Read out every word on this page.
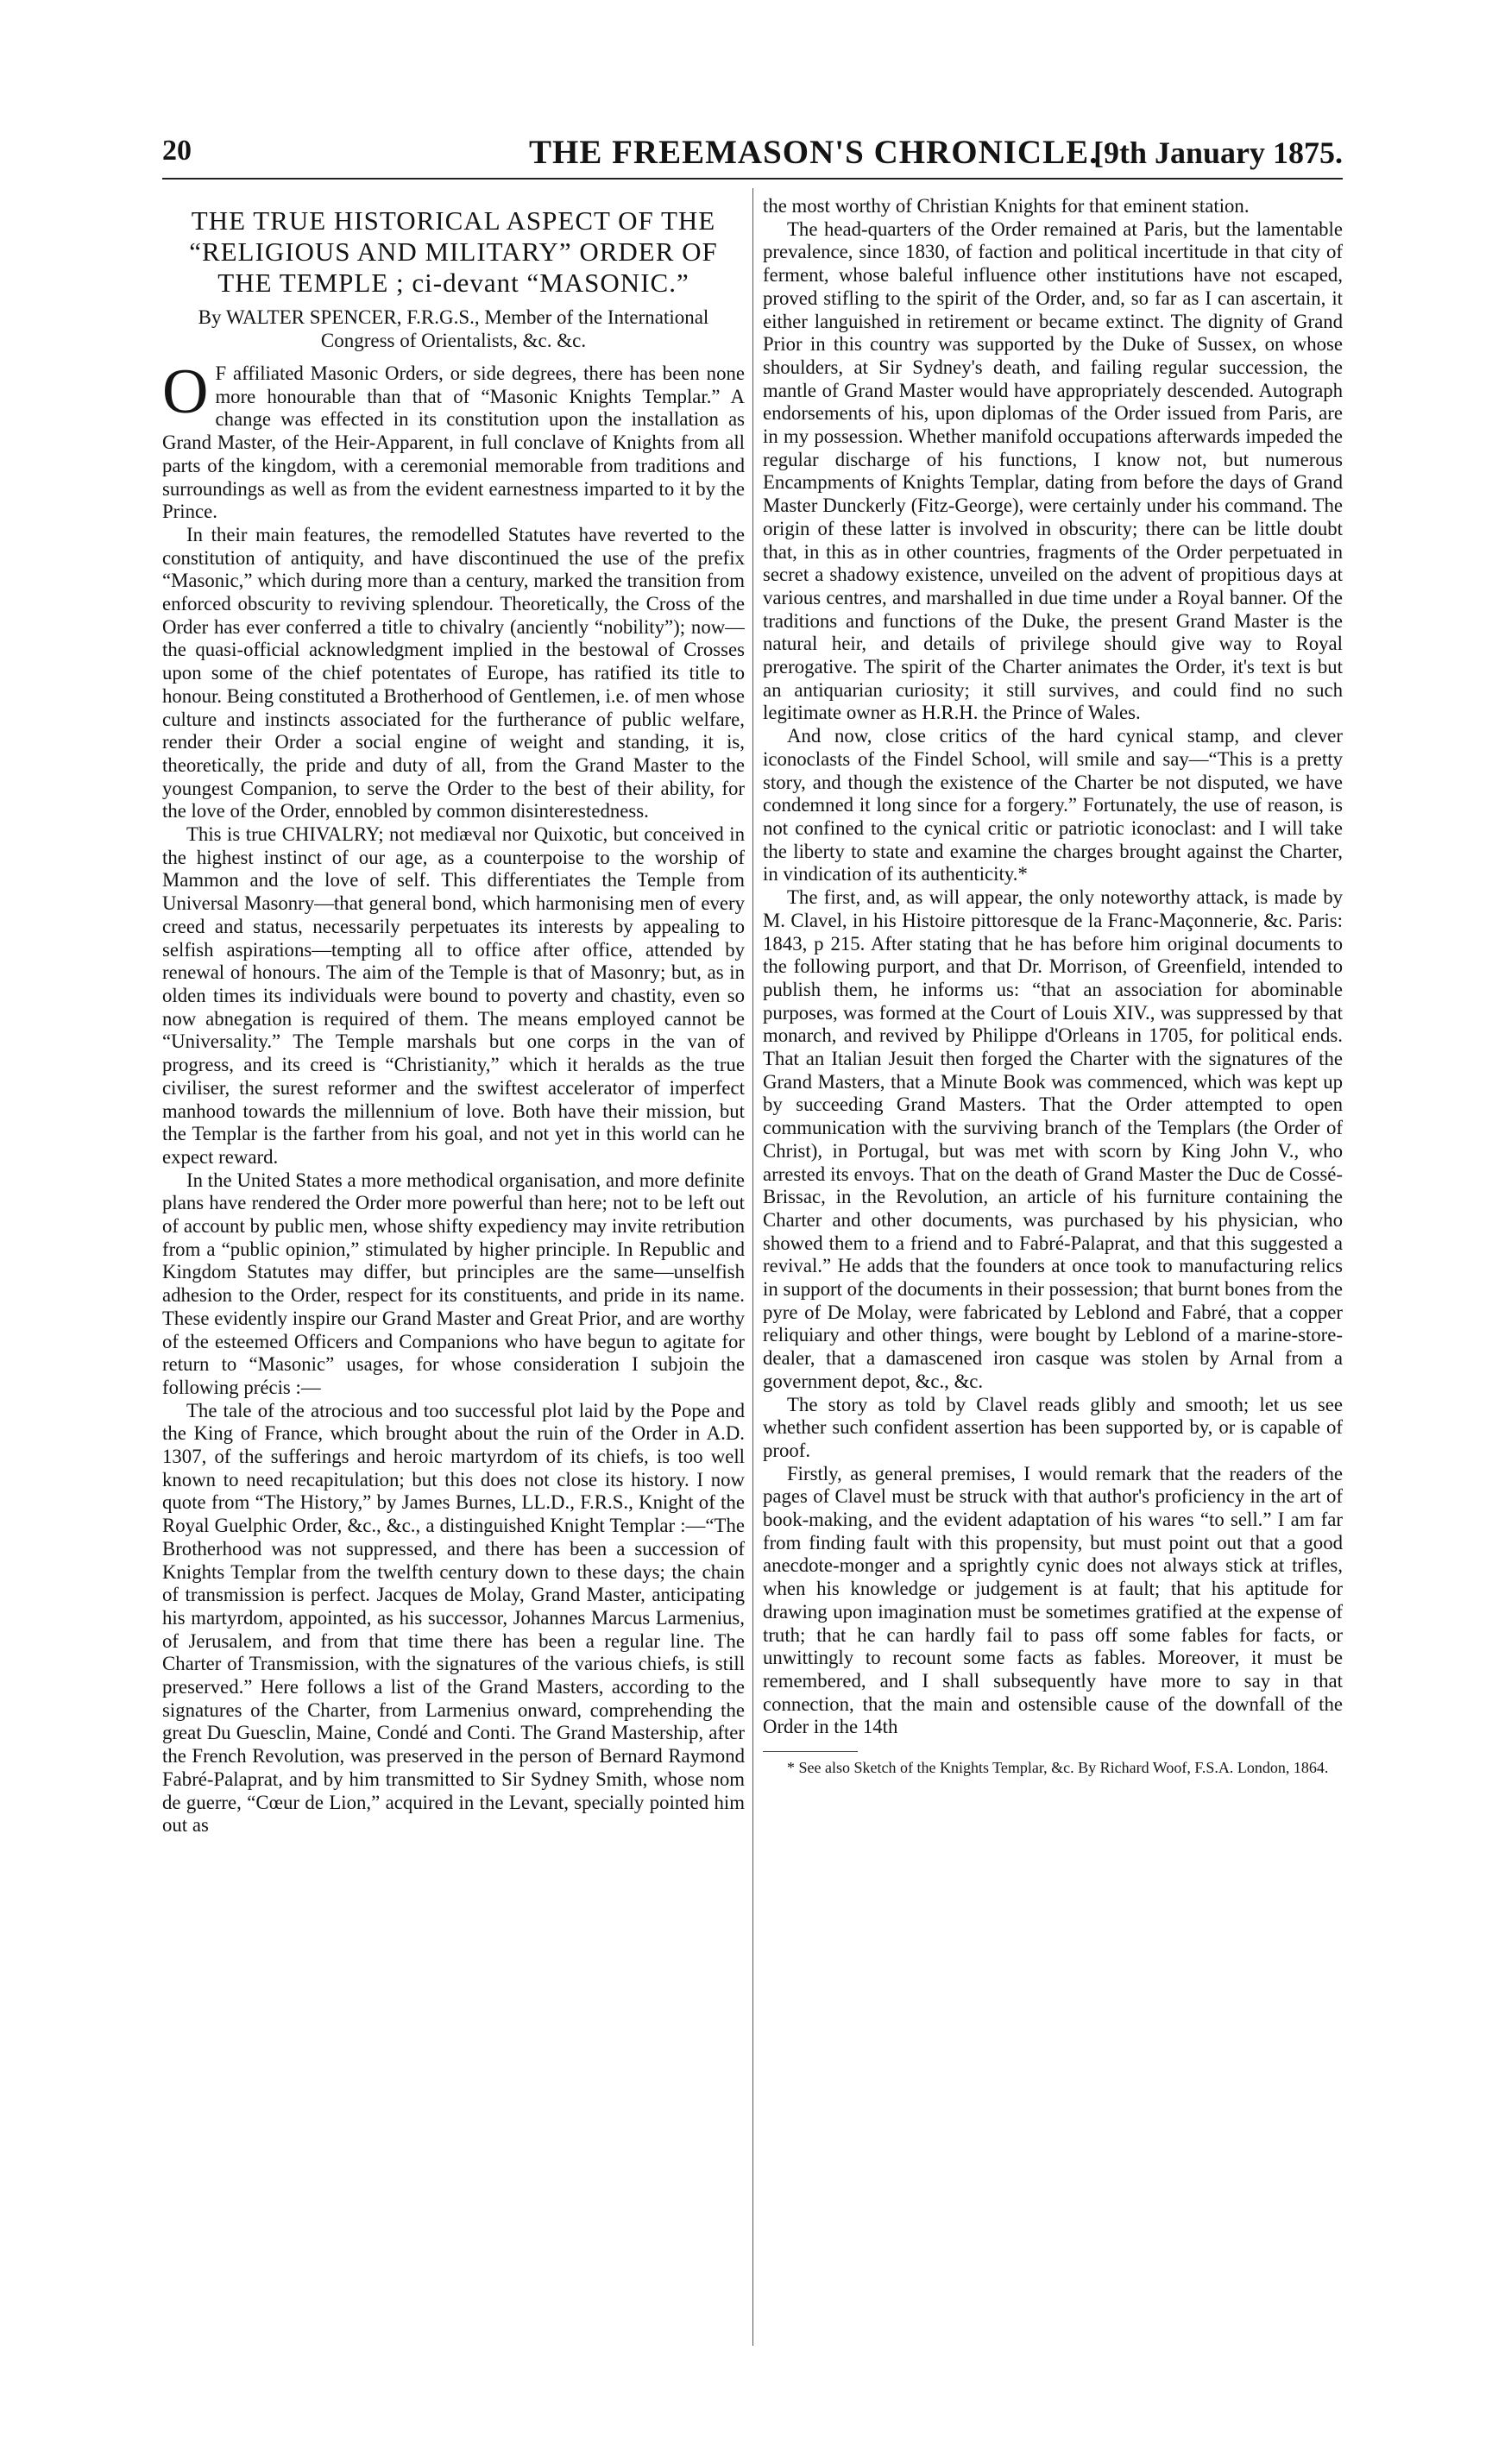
20	THE FREEMASON'S CHRONICLE.
[9th January 1875.
THE TRUE HISTORICAL ASPECT OF THE “RELIGIOUS AND MILITARY” ORDER OF THE TEMPLE ; ci-devant “MASONIC.”
By WALTER SPENCER, F.R.G.S., Member of the International Congress of Orientalists, &c. &c.

O F affiliated Masonic Orders, or side degrees, there has been none more honourable than that of “Masonic Knights Templar.” A change was effected in its constitution upon the installation as Grand Master, of the Heir-Apparent, in full conclave of Knights from all parts of the kingdom, with a ceremonial memorable from traditions and surroundings as well as from the evident earnestness imparted to it by the Prince.

In their main features, the remodelled Statutes have reverted to the constitution of antiquity, and have discontinued the use of the prefix “Masonic,” which during more than a century, marked the transition from enforced obscurity to reviving splendour. Theoretically, the Cross of the Order has ever conferred a title to chivalry (anciently “nobility”); now—the quasi-official acknowledgment implied in the bestowal of Crosses upon some of the chief potentates of Europe, has ratified its title to honour. Being constituted a Brotherhood of Gentlemen, i.e. of men whose culture and instincts associated for the furtherance of public welfare, render their Order a social engine of weight and standing, it is, theoretically, the pride and duty of all, from the Grand Master to the youngest Companion, to serve the Order to the best of their ability, for the love of the Order, ennobled by common disinterestedness.

This is true CHIVALRY; not mediæval nor Quixotic, but conceived in the highest instinct of our age, as a counterpoise to the worship of Mammon and the love of self. This differentiates the Temple from Universal Masonry—that general bond, which harmonising men of every creed and status, necessarily perpetuates its interests by appealing to selfish aspirations—tempting all to office after office, attended by renewal of honours. The aim of the Temple is that of Masonry; but, as in olden times its individuals were bound to poverty and chastity, even so now abnegation is required of them. The means employed cannot be “Universality.” The Temple marshals but one corps in the van of progress, and its creed is “Christianity,” which it heralds as the true civiliser, the surest reformer and the swiftest accelerator of imperfect manhood towards the millennium of love. Both have their mission, but the Templar is the farther from his goal, and not yet in this world can he expect reward.

In the United States a more methodical organisation, and more definite plans have rendered the Order more powerful than here; not to be left out of account by public men, whose shifty expediency may invite retribution from a “public opinion,” stimulated by higher principle. In Republic and Kingdom Statutes may differ, but principles are the same—unselfish adhesion to the Order, respect for its constituents, and pride in its name. These evidently inspire our Grand Master and Great Prior, and are worthy of the esteemed Officers and Companions who have begun to agitate for return to “Masonic” usages, for whose consideration I subjoin the following précis :—

The tale of the atrocious and too successful plot laid by the Pope and the King of France, which brought about the ruin of the Order in A.D. 1307, of the sufferings and heroic martyrdom of its chiefs, is too well known to need recapitulation; but this does not close its history. I now quote from “The History,” by James Burnes, LL.D., F.R.S., Knight of the Royal Guelphic Order, &c., &c., a distinguished Knight Templar :—“The Brotherhood was not suppressed, and there has been a succession of Knights Templar from the twelfth century down to these days; the chain of transmission is perfect. Jacques de Molay, Grand Master, anticipating his martyrdom, appointed, as his successor, Johannes Marcus Larmenius, of Jerusalem, and from that time there has been a regular line. The Charter of Transmission, with the signatures of the various chiefs, is still preserved.” Here follows a list of the Grand Masters, according to the signatures of the Charter, from Larmenius onward, comprehending the great Du Guesclin, Maine, Condé and Conti. The Grand Mastership, after the French Revolution, was preserved in the person of Bernard Raymond Fabré-Palaprat, and by him transmitted to Sir Sydney Smith, whose nom de guerre, “Cœur de Lion,” acquired in the Levant, specially pointed him out as

the most worthy of Christian Knights for that eminent station.

The head-quarters of the Order remained at Paris, but the lamentable prevalence, since 1830, of faction and political incertitude in that city of ferment, whose baleful influence other institutions have not escaped, proved stifling to the spirit of the Order, and, so far as I can ascertain, it either languished in retirement or became extinct. The dignity of Grand Prior in this country was supported by the Duke of Sussex, on whose shoulders, at Sir Sydney's death, and failing regular succession, the mantle of Grand Master would have appropriately descended. Autograph endorsements of his, upon diplomas of the Order issued from Paris, are in my possession. Whether manifold occupations afterwards impeded the regular discharge of his functions, I know not, but numerous Encampments of Knights Templar, dating from before the days of Grand Master Dunckerly (Fitz-George), were certainly under his command. The origin of these latter is involved in obscurity; there can be little doubt that, in this as in other countries, fragments of the Order perpetuated in secret a shadowy existence, unveiled on the advent of propitious days at various centres, and marshalled in due time under a Royal banner. Of the traditions and functions of the Duke, the present Grand Master is the natural heir, and details of privilege should give way to Royal prerogative. The spirit of the Charter animates the Order, it's text is but an antiquarian curiosity; it still survives, and could find no such legitimate owner as H.R.H. the Prince of Wales.

And now, close critics of the hard cynical stamp, and clever iconoclasts of the Findel School, will smile and say—“This is a pretty story, and though the existence of the Charter be not disputed, we have condemned it long since for a forgery.” Fortunately, the use of reason, is not confined to the cynical critic or patriotic iconoclast: and I will take the liberty to state and examine the charges brought against the Charter, in vindication of its authenticity.*

The first, and, as will appear, the only noteworthy attack, is made by M. Clavel, in his Histoire pittoresque de la Franc-Maçonnerie, &c. Paris: 1843, p 215. After stating that he has before him original documents to the following purport, and that Dr. Morrison, of Greenfield, intended to publish them, he informs us: “that an association for abominable purposes, was formed at the Court of Louis XIV., was suppressed by that monarch, and revived by Philippe d'Orleans in 1705, for political ends. That an Italian Jesuit then forged the Charter with the signatures of the Grand Masters, that a Minute Book was commenced, which was kept up by succeeding Grand Masters. That the Order attempted to open communication with the surviving branch of the Templars (the Order of Christ), in Portugal, but was met with scorn by King John V., who arrested its envoys. That on the death of Grand Master the Duc de Cossé-Brissac, in the Revolution, an article of his furniture containing the Charter and other documents, was purchased by his physician, who showed them to a friend and to Fabré-Palaprat, and that this suggested a revival.” He adds that the founders at once took to manufacturing relics in support of the documents in their possession; that burnt bones from the pyre of De Molay, were fabricated by Leblond and Fabré, that a copper reliquiary and other things, were bought by Leblond of a marine-store-dealer, that a damascened iron casque was stolen by Arnal from a government depot, &c., &c.

The story as told by Clavel reads glibly and smooth; let us see whether such confident assertion has been supported by, or is capable of proof.

Firstly, as general premises, I would remark that the readers of the pages of Clavel must be struck with that author's proficiency in the art of book-making, and the evident adaptation of his wares “to sell.” I am far from finding fault with this propensity, but must point out that a good anecdote-monger and a sprightly cynic does not always stick at trifles, when his knowledge or judgement is at fault; that his aptitude for drawing upon imagination must be sometimes gratified at the expense of truth; that he can hardly fail to pass off some fables for facts, or unwittingly to recount some facts as fables. Moreover, it must be remembered, and I shall subsequently have more to say in that connection, that the main and ostensible cause of the downfall of the Order in the 14th

* See also Sketch of the Knights Templar, &c. By Richard Woof, F.S.A. London, 1864.
